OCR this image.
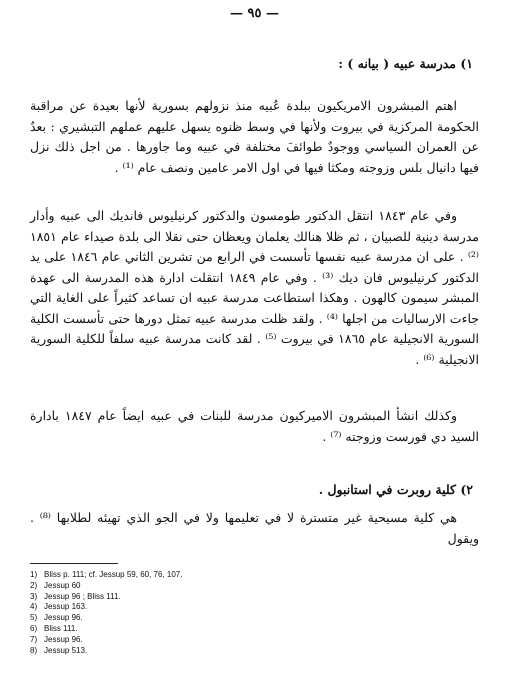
— ٩٥ —
١) مدرسة عبيه ( بيانه ) :

اهتم المبشرون الامريكيون ببلدة عُبيه منذ نزولهم بسورية لأنها بعيدة عن مراقبة الحكومة المركزية في بيروت ولأنها في وسط ظنوه يسهل عليهم عملهم التبشيري : بعدٌ عن العمران السياسي ووجودٌ طوائفَ مختلفة في عبيه وما جاورها . من اجل ذلك نزل فيها دانيال بلس وزوجته ومكثا فيها في اول الامر عامين ونصف عام ⁽¹⁾ .

وفي عام ١٨٤٣ انتقل الدكتور طومسون والدكتور كرنيليوس فانديك الى عبيه وأدار مدرسة دينية للصبيان ، ثم ظلا هنالك يعلمان ويعظان حتى نقلا الى بلدة صيداء عام ١٨٥١ ⁽²⁾ . على ان مدرسة عبيه نفسها تأسست في الرابع من تشرين الثاني عام ١٨٤٦ على يد الدكتور كرنيليوس فان ديك ⁽³⁾ . وفي عام ١٨٤٩ انتقلت ادارة هذه المدرسة الى عهدة المبشر سيمون كالهون . وهكذا استطاعت مدرسة عبيه ان تساعد كثيراً على الغاية التي جاءت الارساليات من اجلها ⁽⁴⁾ . ولقد ظلت مدرسة عبيه تمثل دورها حتى تأسست الكلية السورية الانجيلية عام ١٨٦٥ في بيروت ⁽⁵⁾ . لقد كانت مدرسة عبيه سلفاً للكلية السورية الانجيلية ⁽⁶⁾ .

وكذلك انشأ المبشرون الاميركيون مدرسة للبنات في عبيه ايضاً عام ١٨٤٧ بادارة السيد دي فورست وزوجته ⁽⁷⁾ .

٢) كلية روبرت في استانبول .

هي كلية مسيحية غير متسترة لا في تعليمها ولا في الجو الذي تهيئه لطلابها ⁽⁸⁾ . ويقول

1) Bliss p. 111; cf. Jessup 59, 60, 76, 107.
2) Jessup 60
3) Jessup 96 ; Bliss 111.
4) Jessup 163.
5) Jessup 96.
6) Bliss 111.
7) Jessup 96.
8) Jessup 513.
